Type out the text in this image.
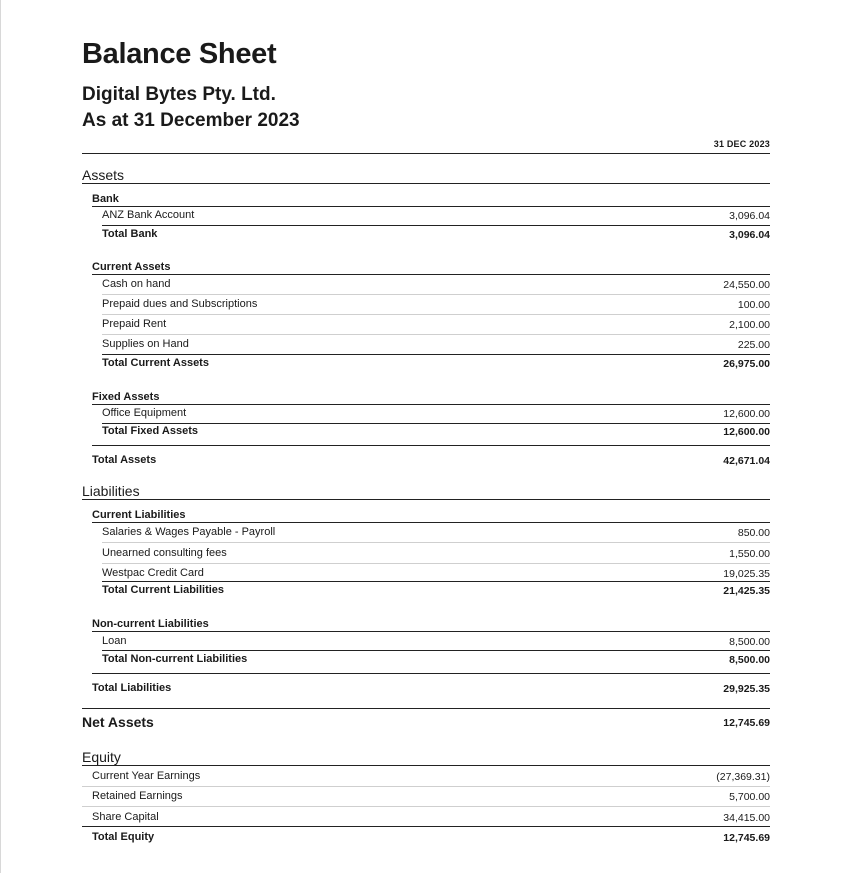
Balance Sheet
Digital Bytes Pty. Ltd.
As at 31 December 2023
31 DEC 2023
Assets
Bank
ANZ Bank Account	3,096.04
Total Bank	3,096.04
Current Assets
Cash on hand	24,550.00
Prepaid dues and Subscriptions	100.00
Prepaid Rent	2,100.00
Supplies on Hand	225.00
Total Current Assets	26,975.00
Fixed Assets
Office Equipment	12,600.00
Total Fixed Assets	12,600.00
Total Assets	42,671.04
Liabilities
Current Liabilities
Salaries & Wages Payable - Payroll	850.00
Unearned consulting fees	1,550.00
Westpac Credit Card	19,025.35
Total Current Liabilities	21,425.35
Non-current Liabilities
Loan	8,500.00
Total Non-current Liabilities	8,500.00
Total Liabilities	29,925.35
Net Assets	12,745.69
Equity
Current Year Earnings	(27,369.31)
Retained Earnings	5,700.00
Share Capital	34,415.00
Total Equity	12,745.69
